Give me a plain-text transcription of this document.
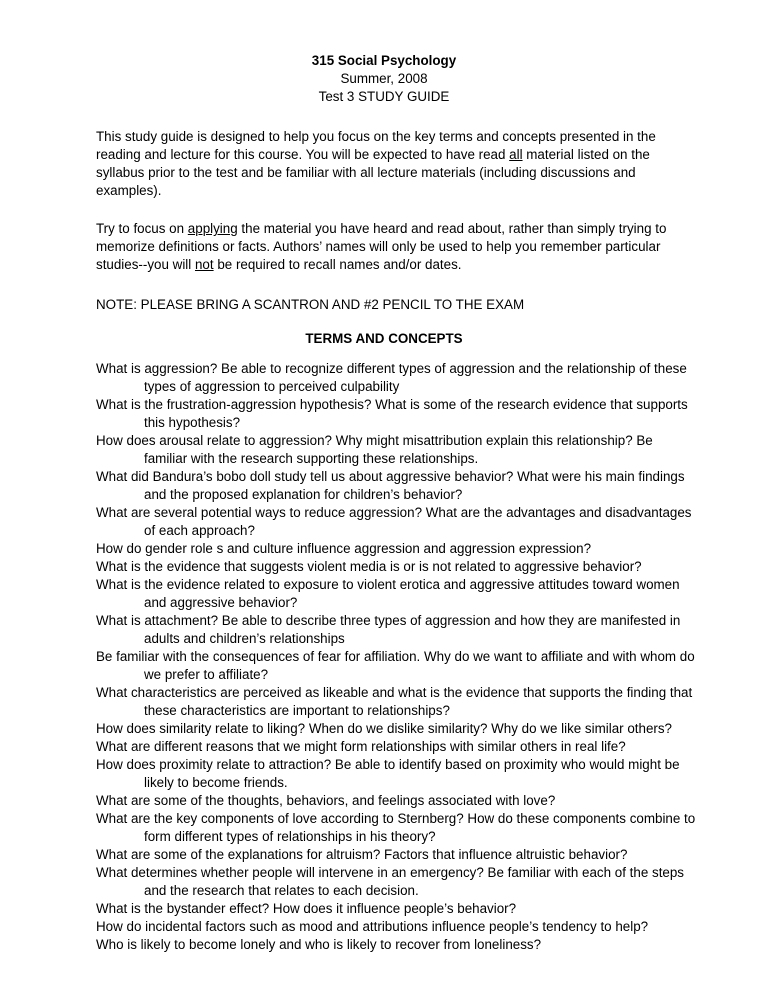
315 Social Psychology
Summer, 2008
Test 3 STUDY GUIDE

This study guide is designed to help you focus on the key terms and concepts presented in the reading and lecture for this course. You will be expected to have read all material listed on the syllabus prior to the test and be familiar with all lecture materials (including discussions and examples).

Try to focus on applying the material you have heard and read about, rather than simply trying to memorize definitions or facts. Authors’ names will only be used to help you remember particular studies--you will not be required to recall names and/or dates.

NOTE: PLEASE BRING A SCANTRON AND #2 PENCIL TO THE EXAM

TERMS AND CONCEPTS
What is aggression? Be able to recognize different types of aggression and the relationship of these types of aggression to perceived culpability
What is the frustration-aggression hypothesis? What is some of the research evidence that supports this hypothesis?
How does arousal relate to aggression? Why might misattribution explain this relationship? Be familiar with the research supporting these relationships.
What did Bandura’s bobo doll study tell us about aggressive behavior? What were his main findings and the proposed explanation for children’s behavior?
What are several potential ways to reduce aggression? What are the advantages and disadvantages of each approach?
How do gender role s and culture influence aggression and aggression expression?
What is the evidence that suggests violent media is or is not related to aggressive behavior?
What is the evidence related to exposure to violent erotica and aggressive attitudes toward women and aggressive behavior?
What is attachment? Be able to describe three types of aggression and how they are manifested in adults and children’s relationships
Be familiar with the consequences of fear for affiliation. Why do we want to affiliate and with whom do we prefer to affiliate?
What characteristics are perceived as likeable and what is the evidence that supports the finding that these characteristics are important to relationships?
How does similarity relate to liking? When do we dislike similarity? Why do we like similar others?
What are different reasons that we might form relationships with similar others in real life?
How does proximity relate to attraction? Be able to identify based on proximity who would might be likely to become friends.
What are some of the thoughts, behaviors, and feelings associated with love?
What are the key components of love according to Sternberg? How do these components combine to form different types of relationships in his theory?
What are some of the explanations for altruism? Factors that influence altruistic behavior?
What determines whether people will intervene in an emergency? Be familiar with each of the steps and the research that relates to each decision.
What is the bystander effect? How does it influence people’s behavior?
How do incidental factors such as mood and attributions influence people’s tendency to help?
Who is likely to become lonely and who is likely to recover from loneliness?
